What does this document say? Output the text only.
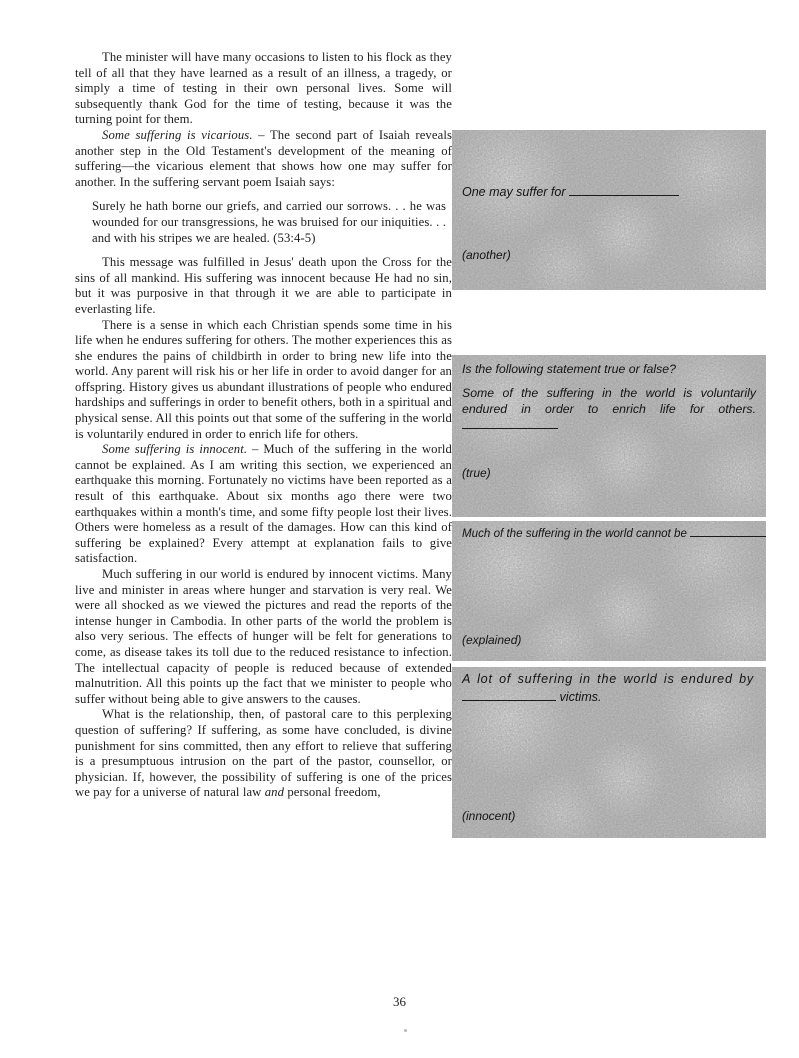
The minister will have many occasions to listen to his flock as they tell of all that they have learned as a result of an illness, a tragedy, or simply a time of testing in their own personal lives. Some will subsequently thank God for the time of testing, because it was the turning point for them.

Some suffering is vicarious. – The second part of Isaiah reveals another step in the Old Testament's development of the meaning of suffering—the vicarious element that shows how one may suffer for another. In the suffering servant poem Isaiah says:

Surely he hath borne our griefs, and carried our sorrows. . . he was wounded for our transgressions, he was bruised for our iniquities. . . and with his stripes we are healed. (53:4-5)

This message was fulfilled in Jesus' death upon the Cross for the sins of all mankind. His suffering was innocent because He had no sin, but it was purposive in that through it we are able to participate in everlasting life.

There is a sense in which each Christian spends some time in his life when he endures suffering for others. The mother experiences this as she endures the pains of childbirth in order to bring new life into the world. Any parent will risk his or her life in order to avoid danger for an offspring. History gives us abundant illustrations of people who endured hardships and sufferings in order to benefit others, both in a spiritual and physical sense. All this points out that some of the suffering in the world is voluntarily endured in order to enrich life for others.

Some suffering is innocent. – Much of the suffering in the world cannot be explained. As I am writing this section, we experienced an earthquake this morning. Fortunately no victims have been reported as a result of this earthquake. About six months ago there were two earthquakes within a month's time, and some fifty people lost their lives. Others were homeless as a result of the damages. How can this kind of suffering be explained? Every attempt at explanation fails to give satisfaction.

Much suffering in our world is endured by innocent victims. Many live and minister in areas where hunger and starvation is very real. We were all shocked as we viewed the pictures and read the reports of the intense hunger in Cambodia. In other parts of the world the problem is also very serious. The effects of hunger will be felt for generations to come, as disease takes its toll due to the reduced resistance to infection. The intellectual capacity of people is reduced because of extended malnutrition. All this points up the fact that we minister to people who suffer without being able to give answers to the causes.

What is the relationship, then, of pastoral care to this perplexing question of suffering? If suffering, as some have concluded, is divine punishment for sins committed, then any effort to relieve that suffering is a presumptuous intrusion on the part of the pastor, counsellor, or physician. If, however, the possibility of suffering is one of the prices we pay for a universe of natural law and personal freedom,

One may suffer for
(another)
Is the following statement true or false?
Some of the suffering in the world is voluntarily endured in order to enrich life for others.
(true)
Much of the suffering in the world cannot be
(explained)
A lot of suffering in the world is endured by
victims.
(innocent)
36
